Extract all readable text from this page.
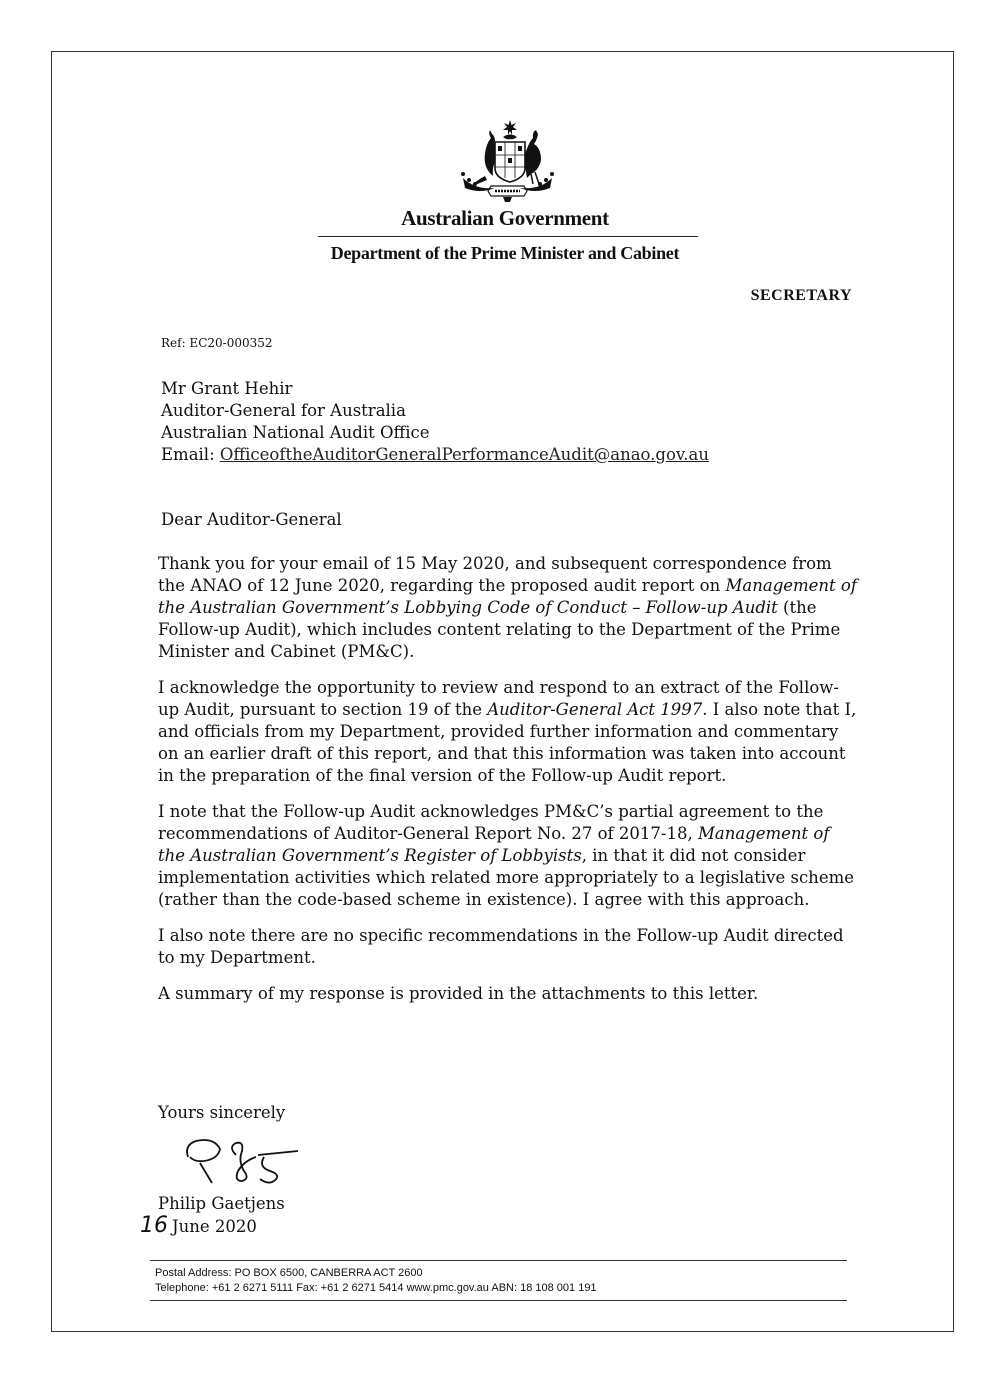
Australian Government
Department of the Prime Minister and Cabinet
SECRETARY
Ref: EC20-000352
Mr Grant Hehir
Auditor-General for Australia
Australian National Audit Office
Email: OfficeoftheAuditorGeneralPerformanceAudit@anao.gov.au
Dear Auditor-General

Thank you for your email of 15 May 2020, and subsequent correspondence from the ANAO of 12 June 2020, regarding the proposed audit report on Management of the Australian Government’s Lobbying Code of Conduct – Follow-up Audit (the Follow-up Audit), which includes content relating to the Department of the Prime Minister and Cabinet (PM&C).

I acknowledge the opportunity to review and respond to an extract of the Follow-up Audit, pursuant to section 19 of the Auditor-General Act 1997. I also note that I, and officials from my Department, provided further information and commentary on an earlier draft of this report, and that this information was taken into account in the preparation of the final version of the Follow-up Audit report.

I note that the Follow-up Audit acknowledges PM&C’s partial agreement to the recommendations of Auditor-General Report No. 27 of 2017-18, Management of the Australian Government’s Register of Lobbyists, in that it did not consider implementation activities which related more appropriately to a legislative scheme (rather than the code-based scheme in existence). I agree with this approach.

I also note there are no specific recommendations in the Follow-up Audit directed to my Department.

A summary of my response is provided in the attachments to this letter.

Yours sincerely
Philip Gaetjens
16 June 2020
Postal Address: PO BOX 6500, CANBERRA ACT 2600
Telephone: +61 2 6271 5111 Fax: +61 2 6271 5414 www.pmc.gov.au ABN: 18 108 001 191
